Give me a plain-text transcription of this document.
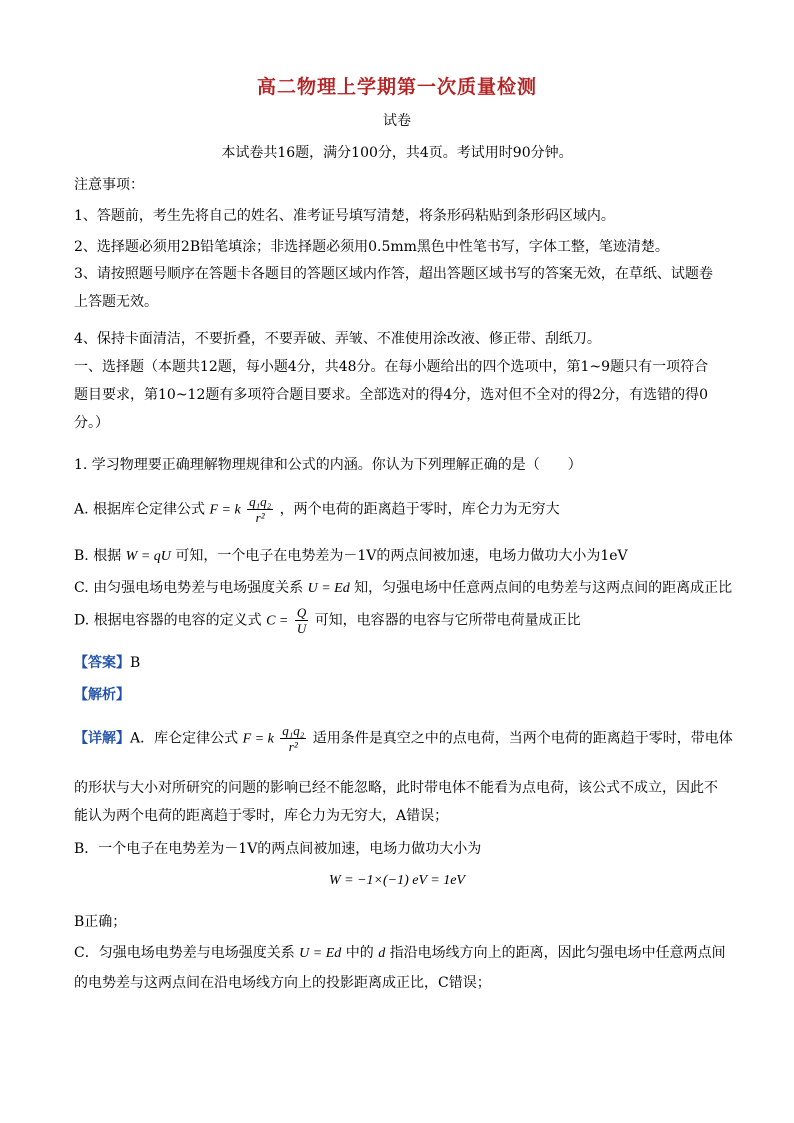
高二物理上学期第一次质量检测
试卷
本试卷共16题，满分100分，共4页。考试用时90分钟。
注意事项：
1、答题前，考生先将自己的姓名、准考证号填写清楚，将条形码粘贴到条形码区域内。
2、选择题必须用2B铅笔填涂；非选择题必须用0.5mm黑色中性笔书写，字体工整，笔迹清楚。
3、请按照题号顺序在答题卡各题目的答题区域内作答，超出答题区域书写的答案无效，在草纸、试题卷上答题无效。
4、保持卡面清洁，不要折叠，不要弄破、弄皱、不准使用涂改液、修正带、刮纸刀。
一、选择题（本题共12题，每小题4分，共48分。在每小题给出的四个选项中，第1~9题只有一项符合题目要求，第10~12题有多项符合题目要求。全部选对的得4分，选对但不全对的得2分，有选错的得0分。）
1. 学习物理要正确理解物理规律和公式的内涵。你认为下列理解正确的是（　　）
A. 根据库仑定律公式 F = k $\frac{\text{q₁q₂}}{\text{r²}}$ ，两个电荷的距离趋于零时，库仑力为无穷大
B. 根据 W = qU 可知，一个电子在电势差为－1V的两点间被加速，电场力做功大小为1eV
C. 由匀强电场电势差与电场强度关系 U = Ed 知，匀强电场中任意两点间的电势差与这两点间的距离成正比
D. 根据电容器的电容的定义式 $C = \frac{Q}{U}$ 可知，电容器的电容与它所带电荷量成正比
【答案】B
【解析】
【详解】A．库仑定律公式 F = k $\frac{\text{q₁q₂}}{\text{r²}}$ 适用条件是真空之中的点电荷，当两个电荷的距离趋于零时，带电体
的形状与大小对所研究的问题的影响已经不能忽略，此时带电体不能看为点电荷，该公式不成立，因此不
能认为两个电荷的距离趋于零时，库仑力为无穷大，A错误；
B．一个电子在电势差为－1V的两点间被加速，电场力做功大小为
W = −1×(−1) eV = 1eV
B正确；
C．匀强电场电势差与电场强度关系 U = Ed 中的 d 指沿电场线方向上的距离，因此匀强电场中任意两点间
的电势差与这两点间在沿电场线方向上的投影距离成正比，C错误；
